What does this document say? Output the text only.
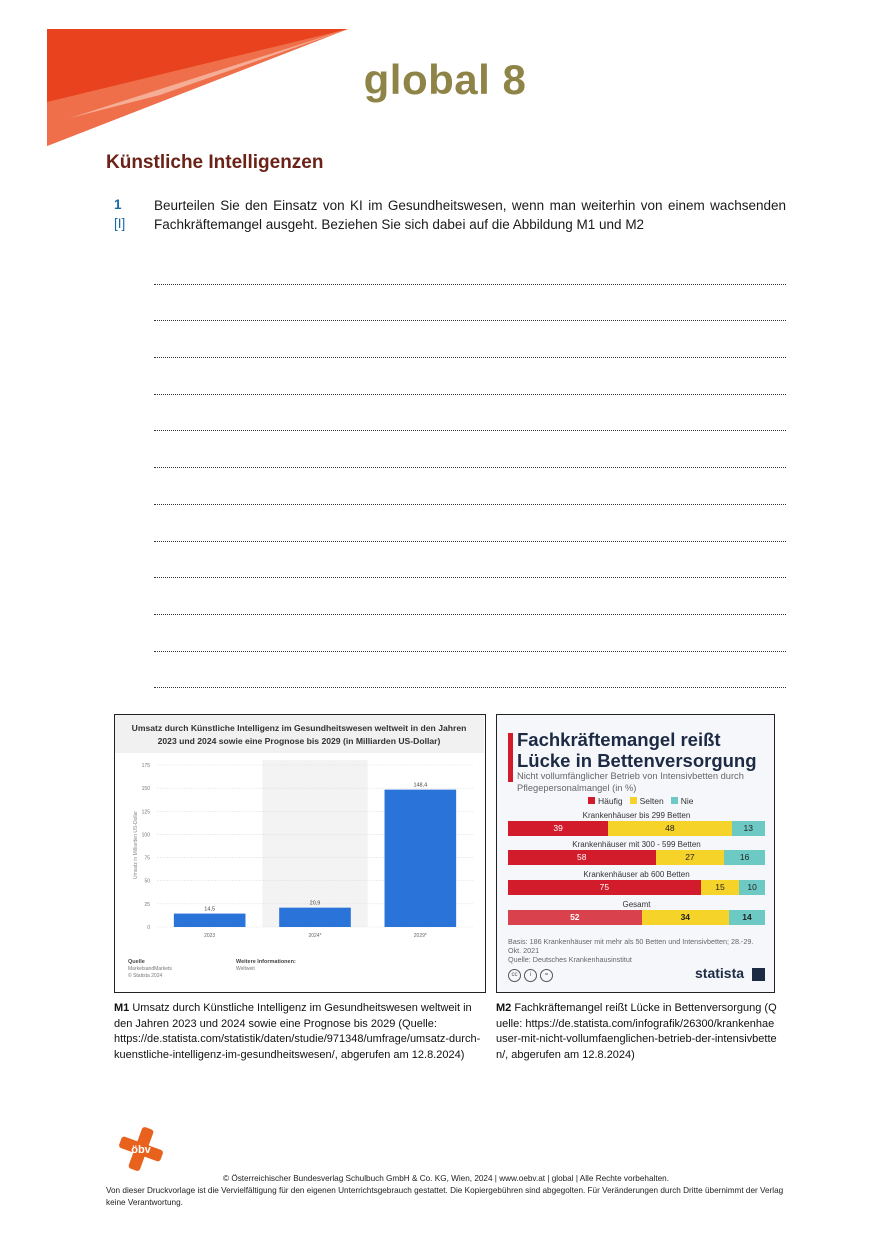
global 8
Künstliche Intelligenzen
1
[I]
Beurteilen Sie den Einsatz von KI im Gesundheitswesen, wenn man weiterhin von einem wachsenden Fachkräftemangel ausgeht. Beziehen Sie sich dabei auf die Abbildung M1 und M2
Umsatz durch Künstliche Intelligenz im Gesundheitswesen weltweit in den Jahren
2023 und 2024 sowie eine Prognose bis 2029 (in Milliarden US-Dollar)
0
25
50
75
100
125
150
175
Umsatz in Milliarden US-Dollar
14,5
2023
20,9
2024*
148,4
2029*
Quelle
MarketsandMarkets
© Statista 2024
Weitere Informationen:
Weltweit
Fachkräftemangel reißt Lücke in Bettenversorgung
Nicht vollumfänglicher Betrieb von Intensivbetten durch Pflegepersonalmangel (in %)
Häufig Selten Nie
Krankenhäuser bis 299 Betten
39	48	13
Krankenhäuser mit 300 - 599 Betten
58	27	16
Krankenhäuser ab 600 Betten
75	15	10
Gesamt
52	34	14
Basis: 186 Krankenhäuser mit mehr als 50 Betten und Intensivbetten; 28.-29. Okt. 2021
Quelle: Deutsches Krankenhausinstitut
cc	i	=	statista
M1 Umsatz durch Künstliche Intelligenz im Gesundheitswesen weltweit in den Jahren 2023 und 2024 sowie eine Prognose bis 2029 (Quelle: https://de.statista.com/statistik/daten/studie/971348/umfrage/umsatz-durch-kuenstliche-intelligenz-im-gesundheitswesen/, abgerufen am 12.8.2024)
M2 Fachkräftemangel reißt Lücke in Bettenversorgung (Quelle: https://de.statista.com/infografik/26300/krankenhaeuser-mit-nicht-vollumfaenglichen-betrieb-der-intensivbetten/, abgerufen am 12.8.2024)
öbv
© Österreichischer Bundesverlag Schulbuch GmbH & Co. KG, Wien, 2024 | www.oebv.at | global | Alle Rechte vorbehalten.
Von dieser Druckvorlage ist die Vervielfältigung für den eigenen Unterrichtsgebrauch gestattet. Die Kopiergebühren sind abgegolten. Für Veränderungen durch Dritte übernimmt der Verlag keine Verantwortung.
